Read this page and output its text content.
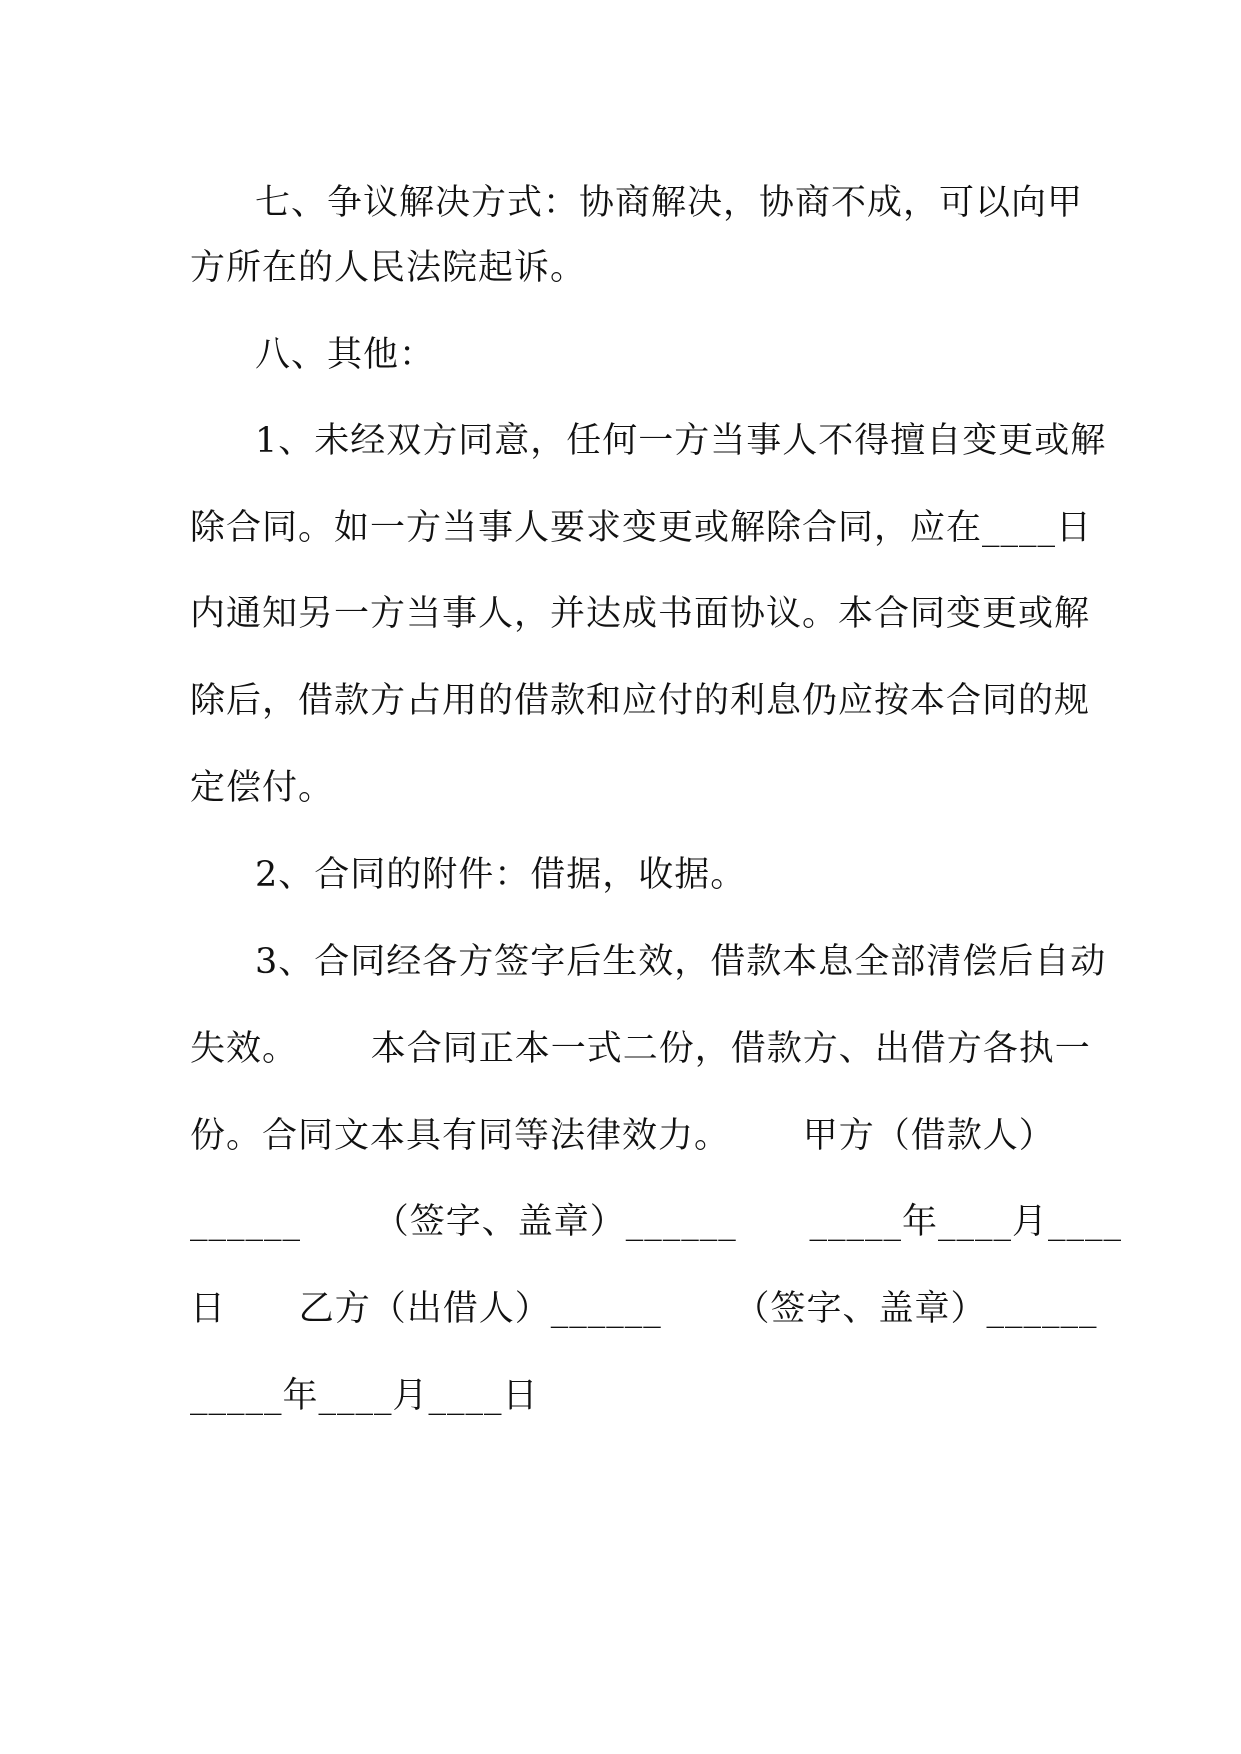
七、争议解决方式：协商解决，协商不成，可以向甲
方所在的人民法院起诉。
八、其他：
1、未经双方同意，任何一方当事人不得擅自变更或解
除合同。如一方当事人要求变更或解除合同，应在____日
内通知另一方当事人，并达成书面协议。本合同变更或解
除后，借款方占用的借款和应付的利息仍应按本合同的规
定偿付。
2、合同的附件：借据，收据。
3、合同经各方签字后生效，借款本息全部清偿后自动
失效。      本合同正本一式二份，借款方、出借方各执一
份。合同文本具有同等法律效力。      甲方（借款人）
______      （签字、盖章）______      _____年____月____
日      乙方（出借人）______      （签字、盖章）______
_____年____月____日
